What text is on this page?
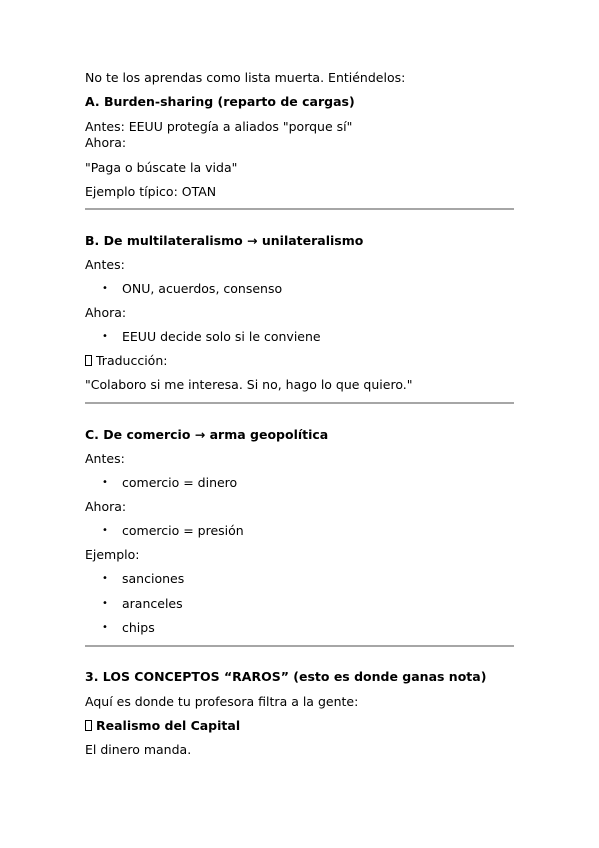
No te los aprendas como lista muerta. Entiéndelos:
A. Burden-sharing (reparto de cargas)
Antes: EEUU protegía a aliados "porque sí"
Ahora:
"Paga o búscate la vida"
Ejemplo típico: OTAN
B. De multilateralismo → unilateralismo
Antes:
• ONU, acuerdos, consenso
Ahora:
• EEUU decide solo si le conviene
Traducción:
"Colaboro si me interesa. Si no, hago lo que quiero."
C. De comercio → arma geopolítica
Antes:
• comercio = dinero
Ahora:
• comercio = presión
Ejemplo:
• sanciones
• aranceles
• chips
3. LOS CONCEPTOS “RAROS” (esto es donde ganas nota)
Aquí es donde tu profesora filtra a la gente:
Realismo del Capital
El dinero manda.
